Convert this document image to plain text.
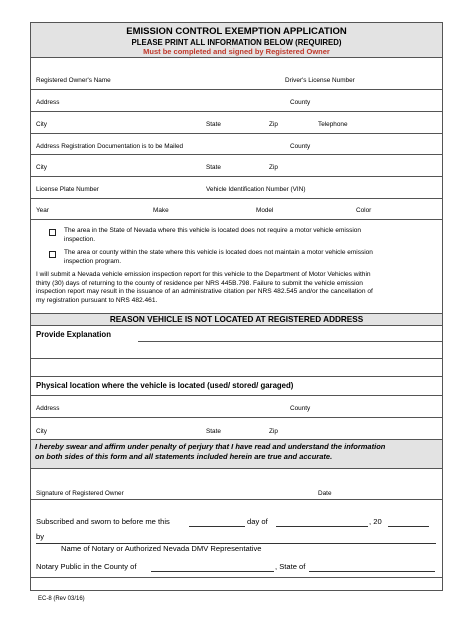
EMISSION CONTROL EXEMPTION APPLICATION
PLEASE PRINT ALL INFORMATION BELOW (REQUIRED)
Must be completed and signed by Registered Owner
Registered Owner's Name	Driver's License Number
Address	County
City	State	Zip	Telephone
Address Registration Documentation is to be Mailed	County
City	State	Zip
License Plate Number	Vehicle Identification Number (VIN)
Year	Make	Model	Color
The area in the State of Nevada where this vehicle is located does not require a motor vehicle emission
inspection.
The area or county within the state where this vehicle is located does not maintain a motor vehicle emission
inspection program.
I will submit a Nevada vehicle emission inspection report for this vehicle to the Department of Motor Vehicles within
thirty (30) days of returning to the county of residence per NRS 445B.798. Failure to submit the vehicle emission
inspection report may result in the issuance of an administrative citation per NRS 482.545 and/or the cancellation of
my registration pursuant to NRS 482.461.
REASON VEHICLE IS NOT LOCATED AT REGISTERED ADDRESS
Provide Explanation
Physical location where the vehicle is located (used/ stored/ garaged)
Address	County
City	State	Zip
I hereby swear and affirm under penalty of perjury that I have read and understand the information
on both sides of this form and all statements included herein are true and accurate.
Signature of Registered Owner	Date
Subscribed and sworn to before me this	day of	, 20
by
Name of Notary or Authorized Nevada DMV Representative
Notary Public in the County of	, State of
EC-8 (Rev 03/16)
